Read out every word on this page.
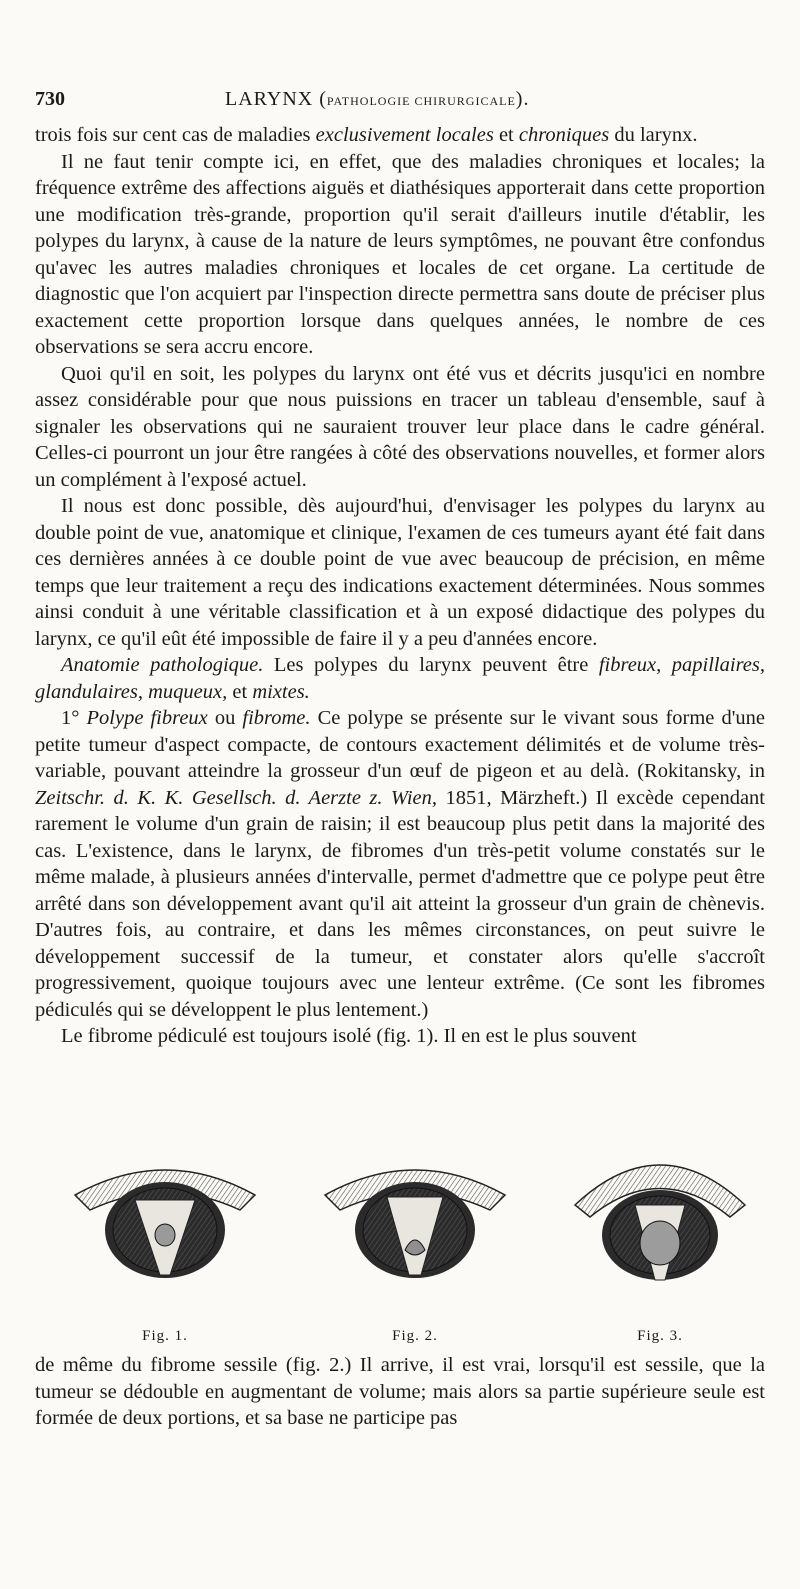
730	LARYNX (PATHOLOGIE CHIRURGICALE).

trois fois sur cent cas de maladies exclusivement locales et chroniques du larynx.

Il ne faut tenir compte ici, en effet, que des maladies chroniques et locales; la fréquence extrême des affections aiguës et diathésiques apporterait dans cette proportion une modification très-grande, proportion qu'il serait d'ailleurs inutile d'établir, les polypes du larynx, à cause de la nature de leurs symptômes, ne pouvant être confondus qu'avec les autres maladies chroniques et locales de cet organe. La certitude de diagnostic que l'on acquiert par l'inspection directe permettra sans doute de préciser plus exactement cette proportion lorsque dans quelques années, le nombre de ces observations se sera accru encore.

Quoi qu'il en soit, les polypes du larynx ont été vus et décrits jusqu'ici en nombre assez considérable pour que nous puissions en tracer un tableau d'ensemble, sauf à signaler les observations qui ne sauraient trouver leur place dans le cadre général. Celles-ci pourront un jour être rangées à côté des observations nouvelles, et former alors un complément à l'exposé actuel.

Il nous est donc possible, dès aujourd'hui, d'envisager les polypes du larynx au double point de vue, anatomique et clinique, l'examen de ces tumeurs ayant été fait dans ces dernières années à ce double point de vue avec beaucoup de précision, en même temps que leur traitement a reçu des indications exactement déterminées. Nous sommes ainsi conduit à une véritable classification et à un exposé didactique des polypes du larynx, ce qu'il eût été impossible de faire il y a peu d'années encore.

Anatomie pathologique. Les polypes du larynx peuvent être fibreux, papillaires, glandulaires, muqueux, et mixtes.

1° Polype fibreux ou fibrome. Ce polype se présente sur le vivant sous forme d'une petite tumeur d'aspect compacte, de contours exactement délimités et de volume très-variable, pouvant atteindre la grosseur d'un œuf de pigeon et au delà. (Rokitansky, in Zeitschr. d. K. K. Gesellsch. d. Aerzte z. Wien, 1851, Märzheft.) Il excède cependant rarement le volume d'un grain de raisin; il est beaucoup plus petit dans la majorité des cas. L'existence, dans le larynx, de fibromes d'un très-petit volume constatés sur le même malade, à plusieurs années d'intervalle, permet d'admettre que ce polype peut être arrêté dans son développement avant qu'il ait atteint la grosseur d'un grain de chènevis. D'autres fois, au contraire, et dans les mêmes circonstances, on peut suivre le développement successif de la tumeur, et constater alors qu'elle s'accroît progressivement, quoique toujours avec une lenteur extrême. (Ce sont les fibromes pédiculés qui se développent le plus lentement.)

Le fibrome pédiculé est toujours isolé (fig. 1). Il en est le plus souvent

Fig. 1.	Fig. 2.	Fig. 3.

de même du fibrome sessile (fig. 2.) Il arrive, il est vrai, lorsqu'il est sessile, que la tumeur se dédouble en augmentant de volume; mais alors sa partie supérieure seule est formée de deux portions, et sa base ne participe pas
